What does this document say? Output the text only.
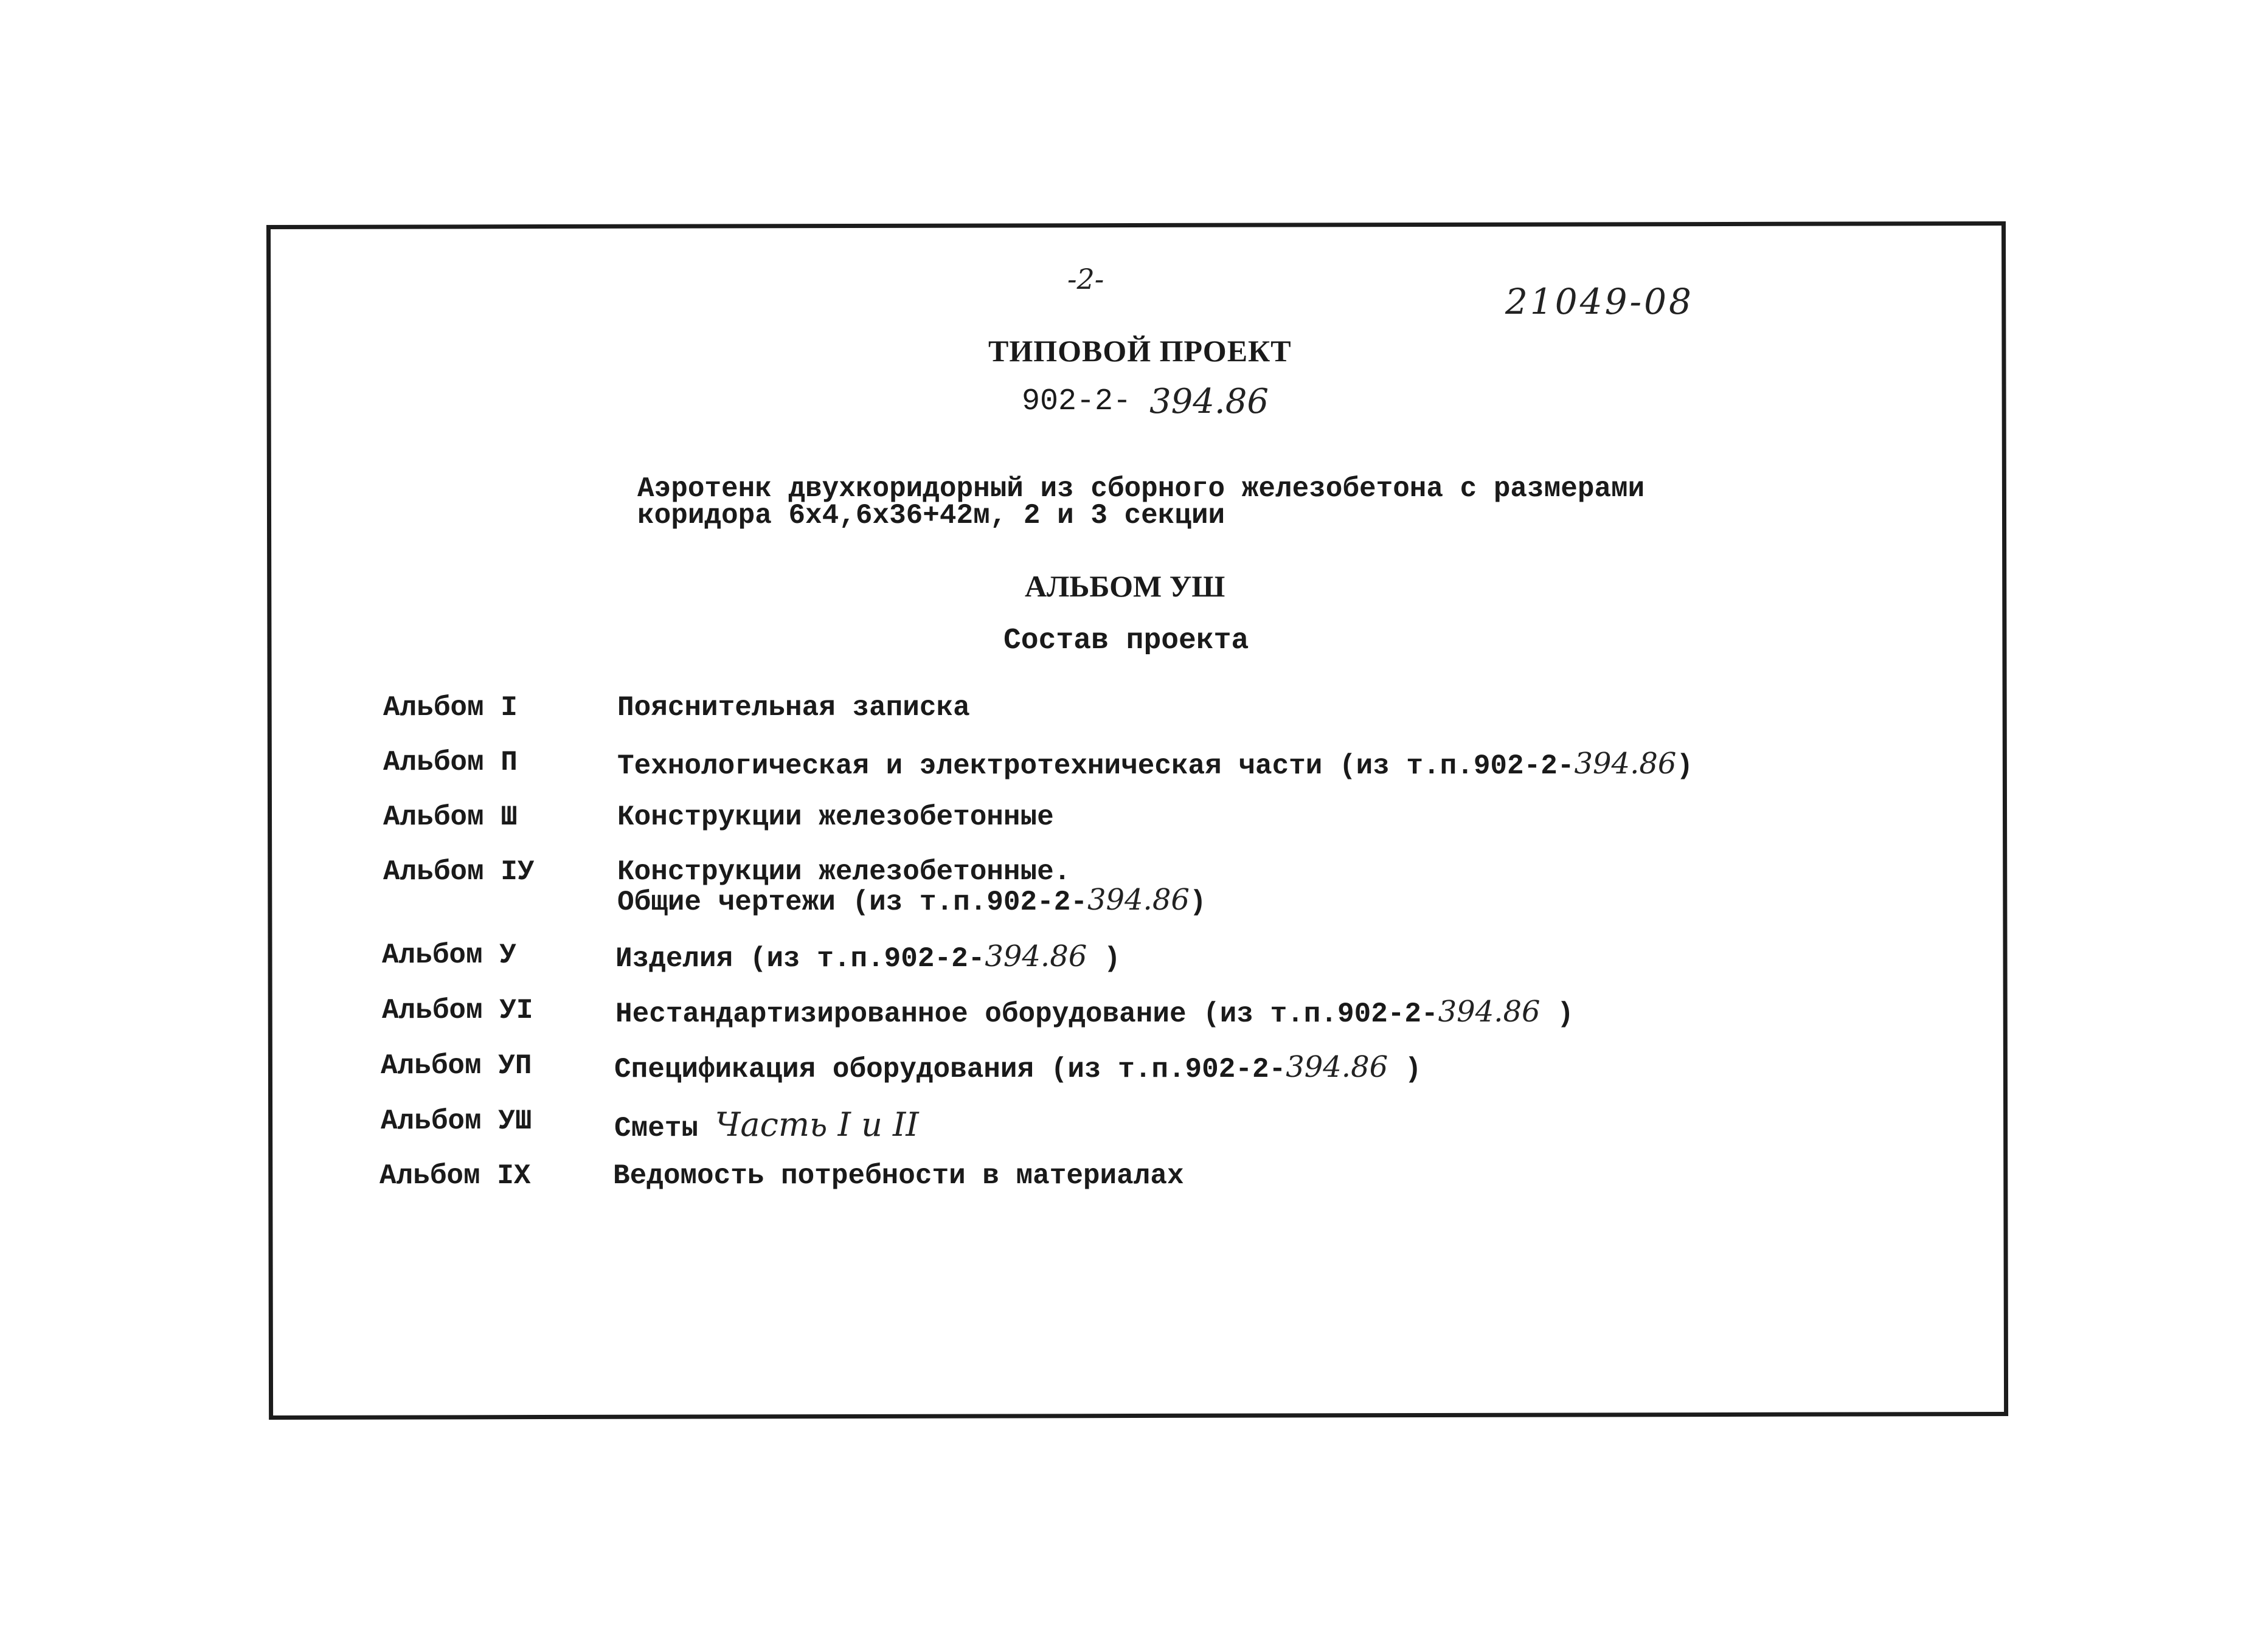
-2-
21049-08
ТИПОВОЙ ПРОЕКТ
902-2- 394.86
Аэротенк двухкоридорный из сборного железобетона с размерами
коридора 6x4,6x36+42м, 2 и 3 секции
АЛЬБОМ УШ
Состав проекта
Альбом I	Пояснительная записка
Альбом П	Технологическая и электротехническая части (из т.п.902-2-394.86)
Альбом Ш	Конструкции железобетонные
Альбом IУ	Конструкции железобетонные.
Общие чертежи (из т.п.902-2-394.86)
Альбом У	Изделия (из т.п.902-2-394.86 )
Альбом УI	Нестандартизированное оборудование (из т.п.902-2-394.86 )
Альбом УП	Спецификация оборудования (из т.п.902-2-394.86 )
Альбом УШ	Сметы Часть I и II
Альбом IX	Ведомость потребности в материалах
